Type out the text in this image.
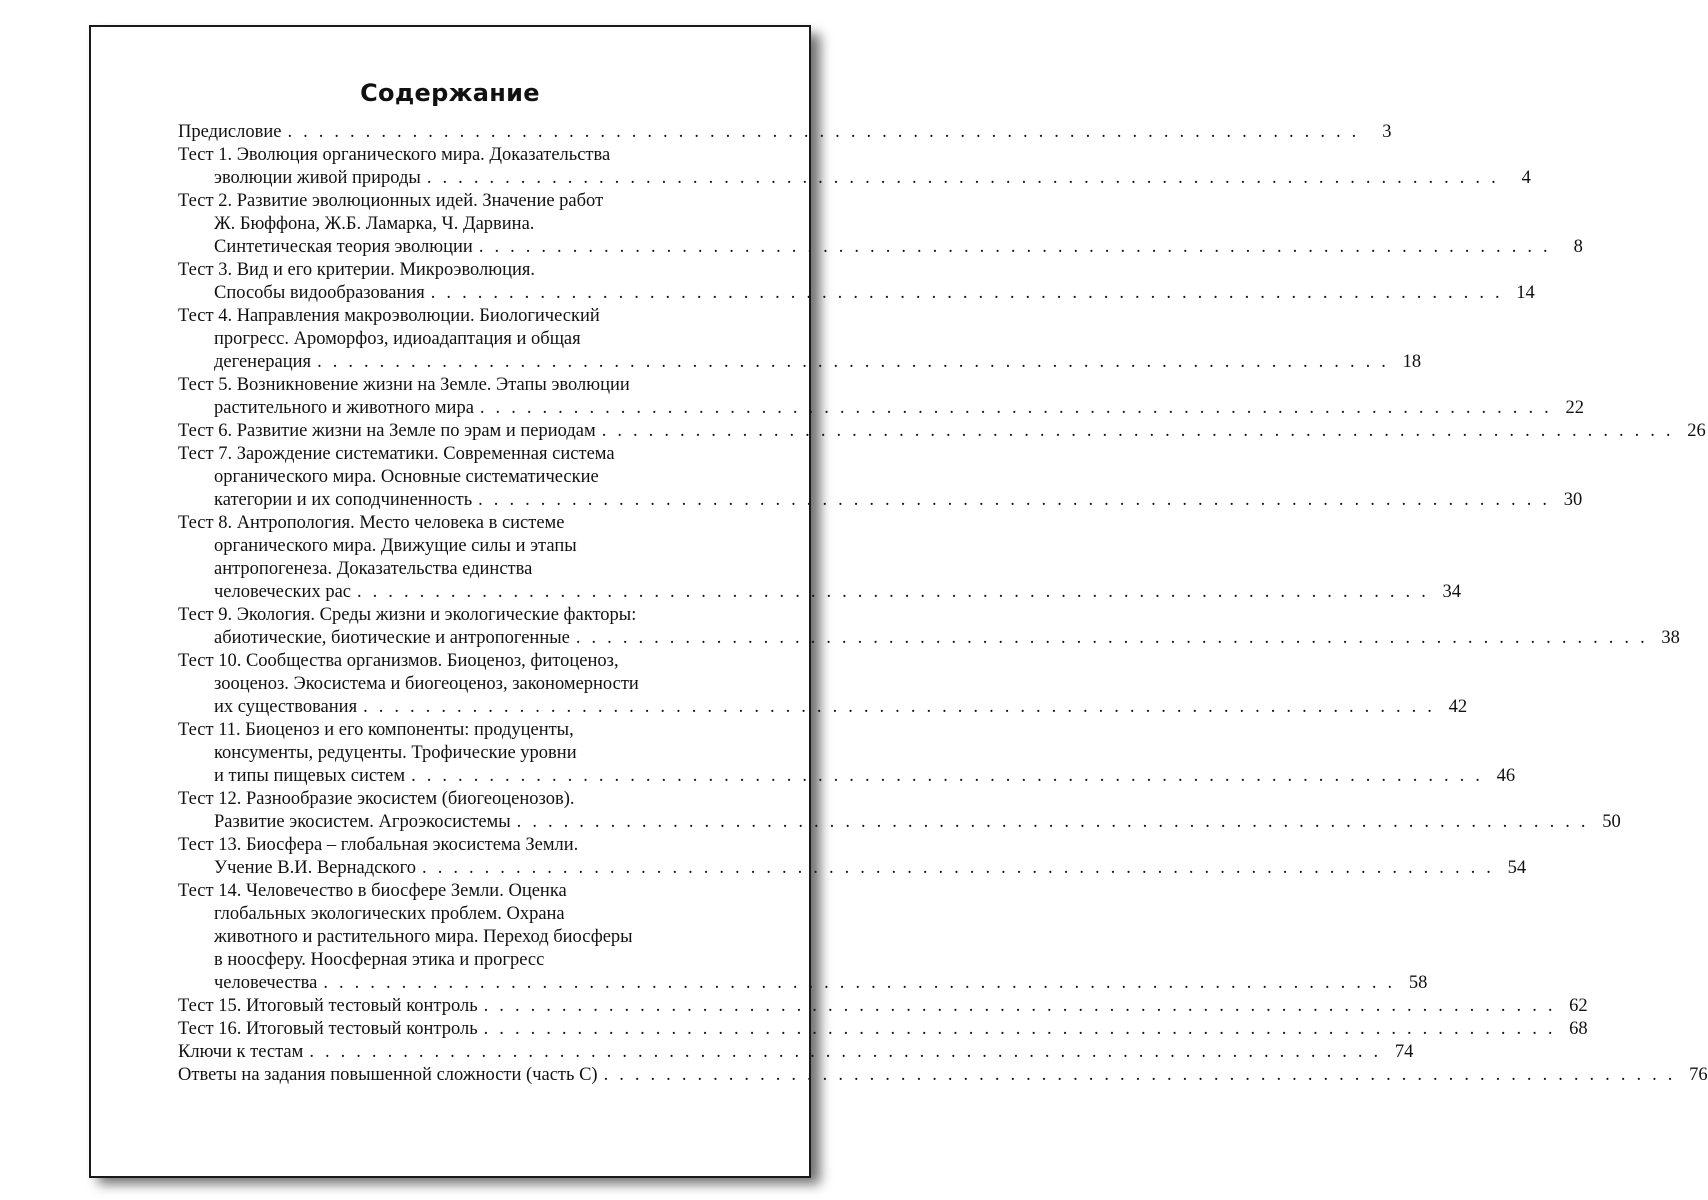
Содержание
Предисловие . . . . . . . . . . . . . . . . . . . . . . . . . . . . . . . . . . . . . . . . . . . . . . . . . . . . . . . . . . . . . . . . . . . . .	3
Тест 1. Эволюция органического мира. Доказательства
эволюции живой природы . . . . . . . . . . . . . . . . . . . . . . . . . . . . . . . . . . . . . . . . . . . . . . . . . . . . . . . . . . . . . . . . . . . . .	4
Тест 2. Развитие эволюционных идей. Значение работ
Ж. Бюффона, Ж.Б. Ламарка, Ч. Дарвина.
Синтетическая теория эволюции . . . . . . . . . . . . . . . . . . . . . . . . . . . . . . . . . . . . . . . . . . . . . . . . . . . . . . . . . . . . . . . . . . . . .	8
Тест 3. Вид и его критерии. Микроэволюция.
Способы видообразования . . . . . . . . . . . . . . . . . . . . . . . . . . . . . . . . . . . . . . . . . . . . . . . . . . . . . . . . . . . . . . . . . . . . . 14
Тест 4. Направления макроэволюции. Биологический
прогресс. Ароморфоз, идиоадаптация и общая
дегенерация . . . . . . . . . . . . . . . . . . . . . . . . . . . . . . . . . . . . . . . . . . . . . . . . . . . . . . . . . . . . . . . . . . . . . 18
Тест 5. Возникновение жизни на Земле. Этапы эволюции
растительного и животного мира . . . . . . . . . . . . . . . . . . . . . . . . . . . . . . . . . . . . . . . . . . . . . . . . . . . . . . . . . . . . . . . . . . . . . 22
Тест 6. Развитие жизни на Земле по эрам и периодам . . . . . . . . . . . . . . . . . . . . . . . . . . . . . . . . . . . . . . . . . . . . . . . . . . . . . . . . . . . . . . . . . . . . . 26
Тест 7. Зарождение систематики. Современная система
органического мира. Основные систематические
категории и их соподчиненность . . . . . . . . . . . . . . . . . . . . . . . . . . . . . . . . . . . . . . . . . . . . . . . . . . . . . . . . . . . . . . . . . . . . . 30
Тест 8. Антропология. Место человека в системе
органического мира. Движущие силы и этапы
антропогенеза. Доказательства единства
человеческих рас . . . . . . . . . . . . . . . . . . . . . . . . . . . . . . . . . . . . . . . . . . . . . . . . . . . . . . . . . . . . . . . . . . . . . 34
Тест 9. Экология. Среды жизни и экологические факторы:
абиотические, биотические и антропогенные . . . . . . . . . . . . . . . . . . . . . . . . . . . . . . . . . . . . . . . . . . . . . . . . . . . . . . . . . . . . . . . . . . . . . 38
Тест 10. Сообщества организмов. Биоценоз, фитоценоз,
зооценоз. Экосистема и биогеоценоз, закономерности
их существования . . . . . . . . . . . . . . . . . . . . . . . . . . . . . . . . . . . . . . . . . . . . . . . . . . . . . . . . . . . . . . . . . . . . . 42
Тест 11. Биоценоз и его компоненты: продуценты,
консументы, редуценты. Трофические уровни
и типы пищевых систем . . . . . . . . . . . . . . . . . . . . . . . . . . . . . . . . . . . . . . . . . . . . . . . . . . . . . . . . . . . . . . . . . . . . . 46
Тест 12. Разнообразие экосистем (биогеоценозов).
Развитие экосистем. Агроэкосистемы . . . . . . . . . . . . . . . . . . . . . . . . . . . . . . . . . . . . . . . . . . . . . . . . . . . . . . . . . . . . . . . . . . . . . 50
Тест 13. Биосфера – глобальная экосистема Земли.
Учение В.И. Вернадского . . . . . . . . . . . . . . . . . . . . . . . . . . . . . . . . . . . . . . . . . . . . . . . . . . . . . . . . . . . . . . . . . . . . . 54
Тест 14. Человечество в биосфере Земли. Оценка
глобальных экологических проблем. Охрана
животного и растительного мира. Переход биосферы
в ноосферу. Ноосферная этика и прогресс
человечества . . . . . . . . . . . . . . . . . . . . . . . . . . . . . . . . . . . . . . . . . . . . . . . . . . . . . . . . . . . . . . . . . . . . . 58
Тест 15. Итоговый тестовый контроль . . . . . . . . . . . . . . . . . . . . . . . . . . . . . . . . . . . . . . . . . . . . . . . . . . . . . . . . . . . . . . . . . . . . . 62
Тест 16. Итоговый тестовый контроль . . . . . . . . . . . . . . . . . . . . . . . . . . . . . . . . . . . . . . . . . . . . . . . . . . . . . . . . . . . . . . . . . . . . . 68
Ключи к тестам . . . . . . . . . . . . . . . . . . . . . . . . . . . . . . . . . . . . . . . . . . . . . . . . . . . . . . . . . . . . . . . . . . . . . 74
Ответы на задания повышенной сложности (часть С) . . . . . . . . . . . . . . . . . . . . . . . . . . . . . . . . . . . . . . . . . . . . . . . . . . . . . . . . . . . . . . . . . . . . . 76
